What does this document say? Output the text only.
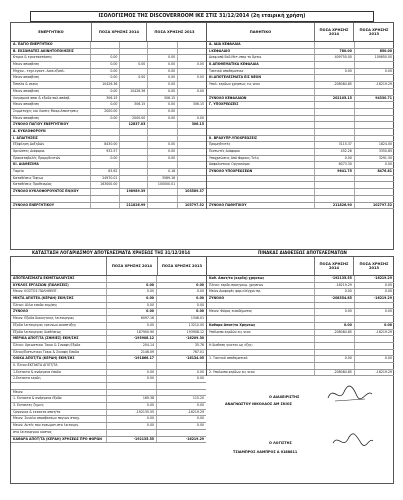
ΙΣΟΛΟΓΙΣΜΟΣ ΤΗΣ DISCOVERROOM ΙΚΕ ΣΤΙΣ 31/12/2014 (2η εταιρική χρήση)
ΕΝΕΡΓΗΤΙΚΟ	ΠΟΣΑ ΧΡΗΣΗΣ 2014	ΠΟΣΑ ΧΡΗΣΗΣ 2013
Α. ΠΑΓΙΟ ΕΝΕΡΓΗΤΙΚΟ
Β. ΕΧΣΩΜΑΤΕΣ ΑΚΙΝΗΤΟΠΟΙΗΣΕΙΣ
Κτιρια & εγκαταστάσεις	0.00	0.00
Μειον αποσβεση	0.00	0.00	0.00	0.00
Μηχαν.- τεχν.εγκατ.-λοιπ.εξοπλ.	0.00	0.00
Μειον αποσβεση	0.00	0.00	0.00	0.00
Έπιπλα & σκευη	10426.36	0.00
Μειον αποσβεση	0.00	10426.36	0.00	0.00
Λογισμικά απαι & εξοδα πολ.απόσβ.	306.15	306.15
Μειον αποσβεση	0.00	306.15	0.00	306.15
Συμμετοχες και Λοιπες Μακρ.Απαιτησεις	2000.00	0.00
Μειον αποσβεση	0.00	2000.00	0.00	0.00
ΣΥΝΟΛΟ ΠΑΓΙΟΥ ΕΝΕΡΓΗΤΙΚΟΥ	12837.03	306.15
Δ. ΚΥΚΛΟΦΟΡΟΥΝ
Ι. ΑΠΑΙΤΗΣΕΙΣ
Εξόφληση Δοξηδών	8430.00	0.00
Χρεώστες Διάφοροι	932.57	0.00
Προκαταβολές Προμηθευτών	0.00	0.00
ΙΙΙ. ΔΙΑΘΕΣΙΜΑ
Ταμείο	63.62	0.16
Καταθέσεις Όψεως	24970.01	3589.16
Καταθέσεις Προθεσμίας	163000.00	100000.01
ΣΥΝΟΛΟ ΚΥΚΛΟΦΟΡΟΥΝΤΟΣ ΕΝ/ΚΟΥ	198989.39	103589.37
ΣΥΝΟΛΟ ΕΝΕΡΓΗΤΙΚΟΥ	211826.99	103797.52
ΠΑΘΗΤΙΚΟ	ΠΟΣΑ ΧΡΗΣΗΣ 2014
ΠΟΣΑ ΧΡΗΣΗΣ 2013
Α. ΙΔΙΑ ΚΕΦΑΛΑΙΑ
I.ΚΕΦΑΛΑΙΟ	780.00	850.00
Διαφ.από Εκδ.Μετ.υπερ το Άρτιο	409750.00	109850.00
ΙΙ.ΑΠΟΘΕΜΑΤΙΚΑ ΚΕΦΑΛΑΙΑ
Τακτικό αποθεματικο	0.00	0.00
ΙΙΙ.ΑΠΟΤΕΛΕΣΜΑΤΑ ΕΙΣ ΝΕΟΝ
Υπολ. κερδων χρησεως εις νεον	-208084.85	-16219.29
ΣΥΝΟΛΟ ΚΕΦΑΛΑΙΩΝ	202105.15	94330.71
Γ. ΥΠΟΧΡΕΩΣΕΙΣ
ΙΙ. ΒΡΑΧΥΠΡ.ΥΠΟΧΡΕΩΣΕΙΣ
Προμηθευτές	3115.37	1824.00
Πιστωτές Διάφοροι	452.26	3350.85
Υποχρεώσεις Από Φορους-Τελη	0.00	3291.50
Ασφαλιστικοι Οργανισμοι	6073.30	0.00
ΣΥΝΟΛΟ ΥΠΟΧΡΕΩΣΕΩΝ	9641.75	8476.81
ΣΥΝΟΛΟ ΠΑΘΗΤΙΚΟΥ	211826.90	102797.52
ΚΑΤΑΣΤΑΣΗ ΛΟΓΑΡΙΑΣΜΟΥ ΑΠΟΤΕΛΕΣΜΑΤΑ ΧΡΗΣΕΩΣ ΤΗΣ 31/12/2014	ΠΙΝΑΚΑΣ ΔΙΑΘΕΣΕΩΣ ΑΠΟΤΕΛΕΣΜΑΤΩΝ
ΠΟΣΑ ΧΡΗΣΗΣ 2014	ΠΟΣΑ ΧΡΗΣΗΣ 2013
ΑΠΟΤΕΛΕΣΜΑΤΑ ΕΚΜΕΤΑΛΛΕΥΣΗΣ
ΚΥΚΛΟΣ ΕΡΓΑΣΙΩΝ (ΠΩΛΗΣΕΙΣ)	0.00	0.00
Μειον: ΚΟΣΤΟΣ ΠΩΛΗΘΕΝΤ.	0.00	0.00
ΜΙΚΤΑ ΑΠΟΤΕΛ.(ΚΕΡΔΗ) ΕΚΜ/ΣΗΣ	0.00	0.00
Πλεον: Αλλα εσοδα εκμ/σης	0.00	0.00
ΣΥΝΟΛΟ	0.00	0.00
Μειον: Εξοδα διοικητικης λειτουργιας	6097.16	1346.01
Εξοδα λειτουργιας ερευνων-αναπτυξης	0.00	13210.00
Εξοδα λειτουργιας διαθέσεως	187900.90	193908.12
ΜΕΡΙΚΑ ΑΠΟΤ/ΤΑ (ΖΗΜΙΕΣ) ΕΚΜ/ΣΗΣ	-193908.12	-16209.30
Πλεον: Χρεωστικοι Τοκοι & Συναφη Εξοδα	204.14	35.76
Πλεον/Πιστωτικοι Τοκοι & Συναφη Εσοδα	2146.09	767.01
ΟΛΙΚΑ ΑΠΟΤ/ΤΑ (ΚΕΡΔΗ) ΕΚΜ/ΣΗΣ	-191866.17	-16134.05
ΙΙ. Πλεον:ΕΚΤΑΚΤΑ ΑΠΟΤ/ΤΑ
1.Εκτακτα & ανόργανα έσοδα	0.00	0.00
2.Εκτακτα κερδη	0.00	0.00
Μειον:
1. Εκτακτα & ανόργανα έξοδα	169.38	115.20
3. Εκτακτες ζημιες	0.00	0.00
Οργανικα & εκτακτα αποτ/τα	-192135.55	-16219.29
Μειον: Συνολο αποσβεσεων παγιων στοιχ.	0.00	0.00
Μειον: Αυτές που ενσωματ.στο λειτουργ.	0.00	0.00
στο λειτουργικο κοστος
ΚΑΘΑΡΑ ΑΠΟΤ/ΤΑ (ΚΕΡΔΗ) ΧΡΗΣΕΩΣ ΠΡΟ ΦΟΡΩΝ	-192135.55	-16219.29
ΠΟΣΑ ΧΡΗΣΗΣ 2014
ΠΟΣΑ ΧΡΗΣΗΣ 2013
Καθ. Αποτ/τα (κερδη) χρησεως	-192135.55	-16219.29
Πλεον: κερδη προηγουμ. χρησεων	-16219.29	0.00
Μείον Διαφορές φορ.ελέγχου πρ.	0.00	0.00
ΣΥΝΟΛΟ	-208354.85	-16219.29
Μειον: Φόρος εισοδήματος	0.00	0.00
Καθαρα Αποτ/τα Χρησεως	0.00	0.00
Υπόλοιπο κερδών εις νεον	-208084.85	-16219.29
Η διαθεση γινεται ως εξης:
1. Τακτικό αποθεματικό	0.00	0.00
2. Υπολοιπο κερδων εις νεον	-208084.85	-16219.29
Ο ΔΙΑΧΕΙΡΙΣΤΗΣ
ΑΝΑΓΝΩΣΤΟΥ ΝΙΚΟΛΑΟΣ ΑΜ ΣΚΙΟΣ
Ο ΛΟΓΙΣΤΗΣ
ΤΣΙΑΜΠΡΟΣ ΛΑΜΠΡΟΣ Α 0188811
